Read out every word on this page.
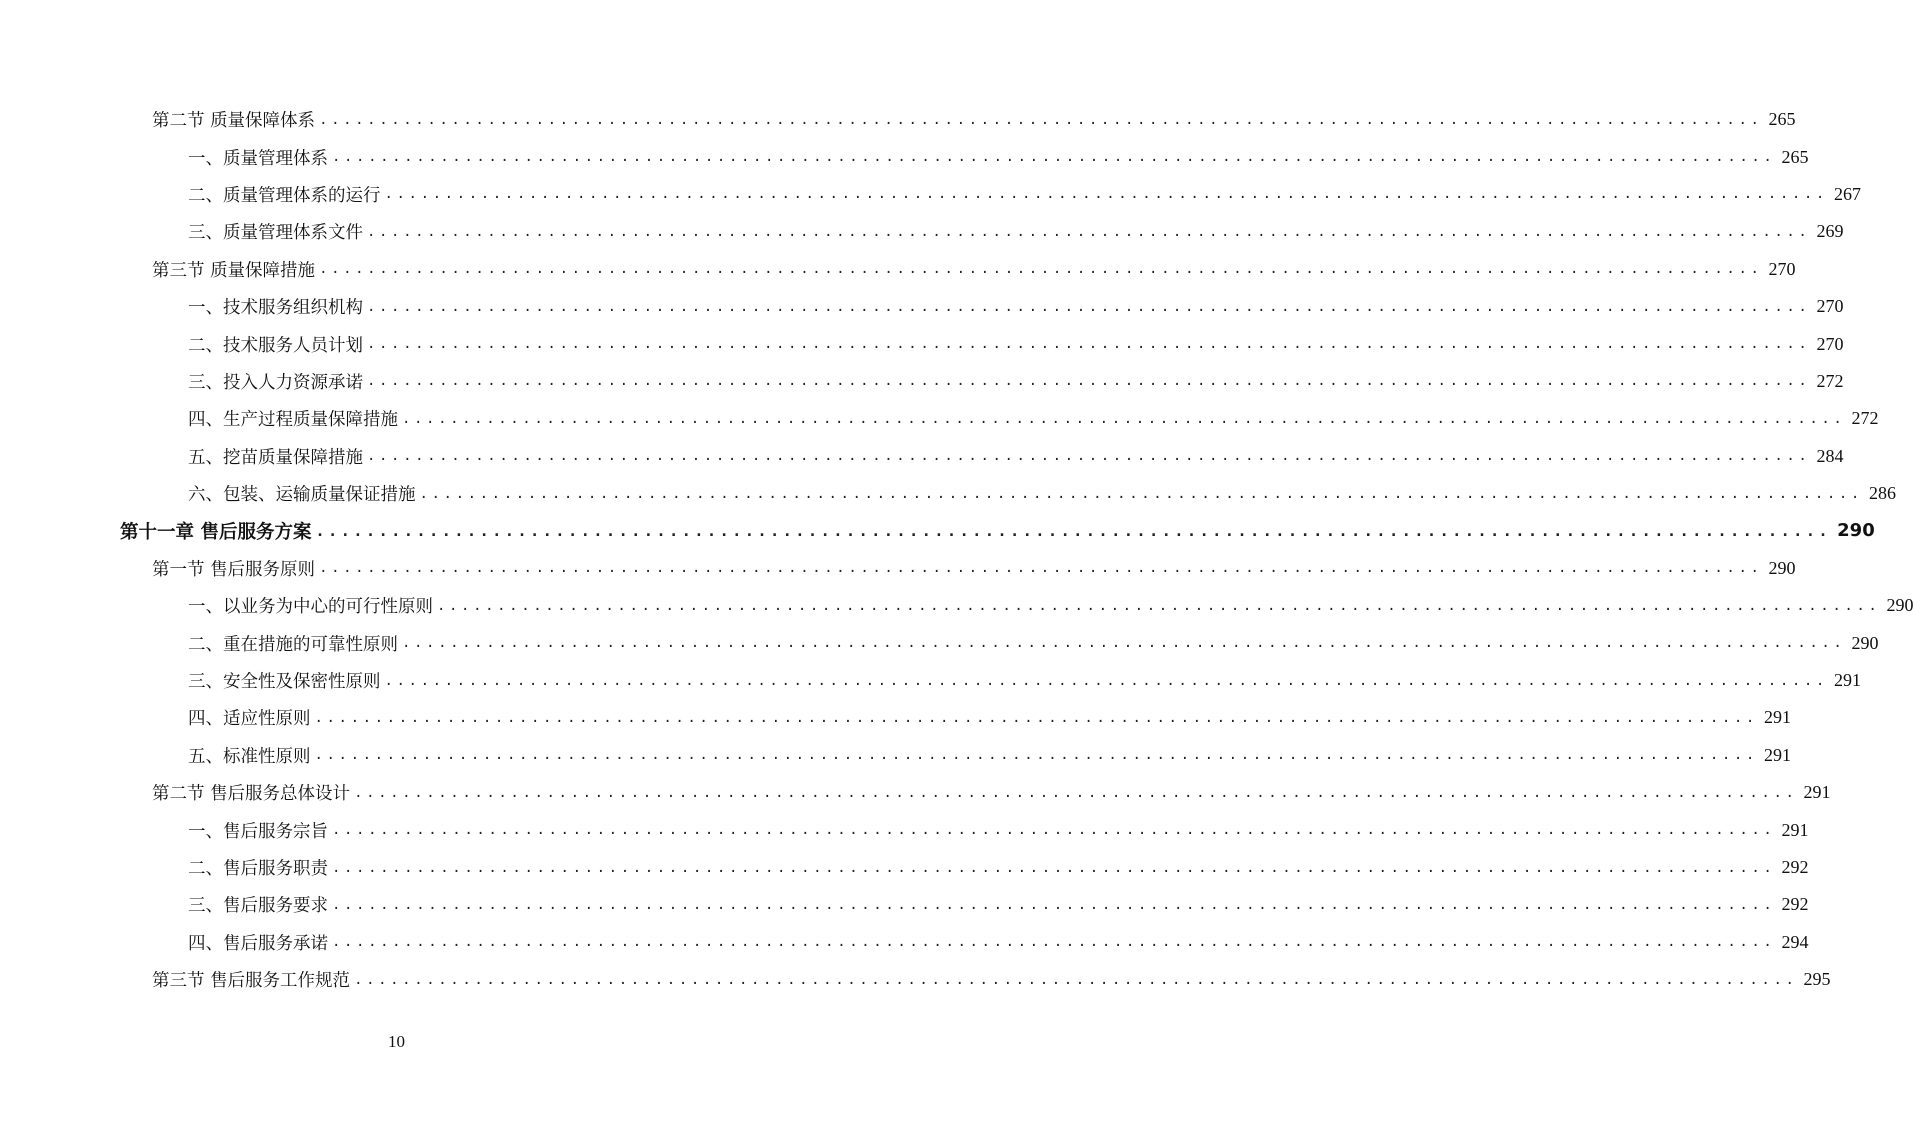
第二节 质量保障体系 ........................................................................................................................ 265
一、质量管理体系 ........................................................................................................................ 265
二、质量管理体系的运行 ........................................................................................................................ 267
三、质量管理体系文件 ........................................................................................................................ 269
第三节 质量保障措施 ........................................................................................................................ 270
一、技术服务组织机构 ........................................................................................................................ 270
二、技术服务人员计划 ........................................................................................................................ 270
三、投入人力资源承诺 ........................................................................................................................ 272
四、生产过程质量保障措施 ........................................................................................................................ 272
五、挖苗质量保障措施 ........................................................................................................................ 284
六、包装、运输质量保证措施 ........................................................................................................................ 286
第十一章 售后服务方案 ........................................................................................................................ 290
第一节 售后服务原则 ........................................................................................................................ 290
一、以业务为中心的可行性原则 ........................................................................................................................ 290
二、重在措施的可靠性原则 ........................................................................................................................ 290
三、安全性及保密性原则 ........................................................................................................................ 291
四、适应性原则 ........................................................................................................................ 291
五、标准性原则 ........................................................................................................................ 291
第二节 售后服务总体设计 ........................................................................................................................ 291
一、售后服务宗旨 ........................................................................................................................ 291
二、售后服务职责 ........................................................................................................................ 292
三、售后服务要求 ........................................................................................................................ 292
四、售后服务承诺 ........................................................................................................................ 294
第三节 售后服务工作规范 ........................................................................................................................ 295
10
